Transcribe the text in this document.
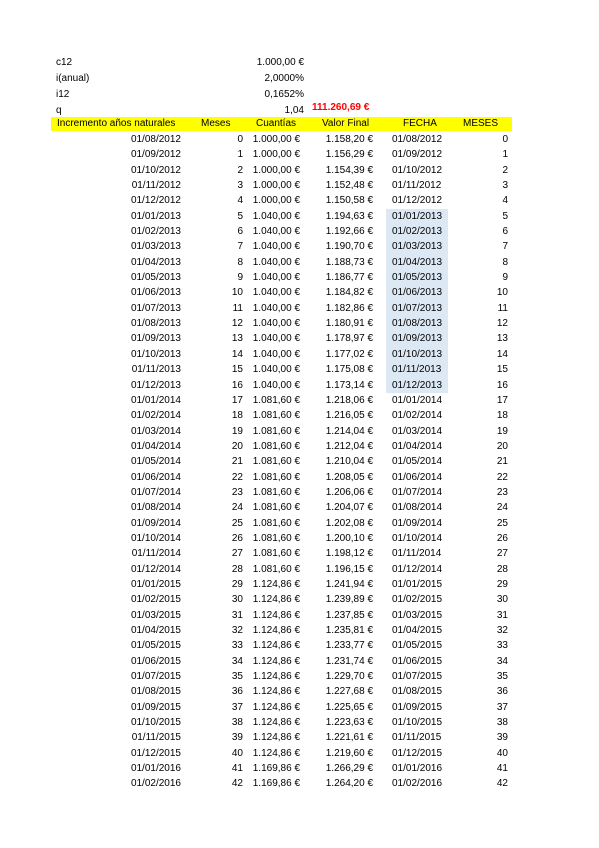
c12	1.000,00 €
i(anual)	2,0000%
i12	0,1652%
q	1,04 111.260,69 €
Incremento años naturales	Meses	Cuantías	Valor Final	FECHA	MESES
01/08/2012	0 1.000,00 €	1.158,20 € 01/08/2012	0
01/09/2012	1 1.000,00 €	1.156,29 € 01/09/2012	1
01/10/2012	2 1.000,00 €	1.154,39 € 01/10/2012	2
01/11/2012	3 1.000,00 €	1.152,48 € 01/11/2012	3
01/12/2012	4 1.000,00 €	1.150,58 € 01/12/2012	4
01/01/2013	5 1.040,00 €	1.194,63 € 01/01/2013	5
01/02/2013	6 1.040,00 €	1.192,66 € 01/02/2013	6
01/03/2013	7 1.040,00 €	1.190,70 € 01/03/2013	7
01/04/2013	8 1.040,00 €	1.188,73 € 01/04/2013	8
01/05/2013	9 1.040,00 €	1.186,77 € 01/05/2013	9
01/06/2013	10 1.040,00 €	1.184,82 € 01/06/2013	10
01/07/2013	11 1.040,00 €	1.182,86 € 01/07/2013	11
01/08/2013	12 1.040,00 €	1.180,91 € 01/08/2013	12
01/09/2013	13 1.040,00 €	1.178,97 € 01/09/2013	13
01/10/2013	14 1.040,00 €	1.177,02 € 01/10/2013	14
01/11/2013	15 1.040,00 €	1.175,08 € 01/11/2013	15
01/12/2013	16 1.040,00 €	1.173,14 € 01/12/2013	16
01/01/2014	17 1.081,60 €	1.218,06 € 01/01/2014	17
01/02/2014	18 1.081,60 €	1.216,05 € 01/02/2014	18
01/03/2014	19 1.081,60 €	1.214,04 € 01/03/2014	19
01/04/2014	20 1.081,60 €	1.212,04 € 01/04/2014	20
01/05/2014	21 1.081,60 €	1.210,04 € 01/05/2014	21
01/06/2014	22 1.081,60 €	1.208,05 € 01/06/2014	22
01/07/2014	23 1.081,60 €	1.206,06 € 01/07/2014	23
01/08/2014	24 1.081,60 €	1.204,07 € 01/08/2014	24
01/09/2014	25 1.081,60 €	1.202,08 € 01/09/2014	25
01/10/2014	26 1.081,60 €	1.200,10 € 01/10/2014	26
01/11/2014	27 1.081,60 €	1.198,12 € 01/11/2014	27
01/12/2014	28 1.081,60 €	1.196,15 € 01/12/2014	28
01/01/2015	29 1.124,86 €	1.241,94 € 01/01/2015	29
01/02/2015	30 1.124,86 €	1.239,89 € 01/02/2015	30
01/03/2015	31 1.124,86 €	1.237,85 € 01/03/2015	31
01/04/2015	32 1.124,86 €	1.235,81 € 01/04/2015	32
01/05/2015	33 1.124,86 €	1.233,77 € 01/05/2015	33
01/06/2015	34 1.124,86 €	1.231,74 € 01/06/2015	34
01/07/2015	35 1.124,86 €	1.229,70 € 01/07/2015	35
01/08/2015	36 1.124,86 €	1.227,68 € 01/08/2015	36
01/09/2015	37 1.124,86 €	1.225,65 € 01/09/2015	37
01/10/2015	38 1.124,86 €	1.223,63 € 01/10/2015	38
01/11/2015	39 1.124,86 €	1.221,61 € 01/11/2015	39
01/12/2015	40 1.124,86 €	1.219,60 € 01/12/2015	40
01/01/2016	41 1.169,86 €	1.266,29 € 01/01/2016	41
01/02/2016	42 1.169,86 €	1.264,20 € 01/02/2016	42
